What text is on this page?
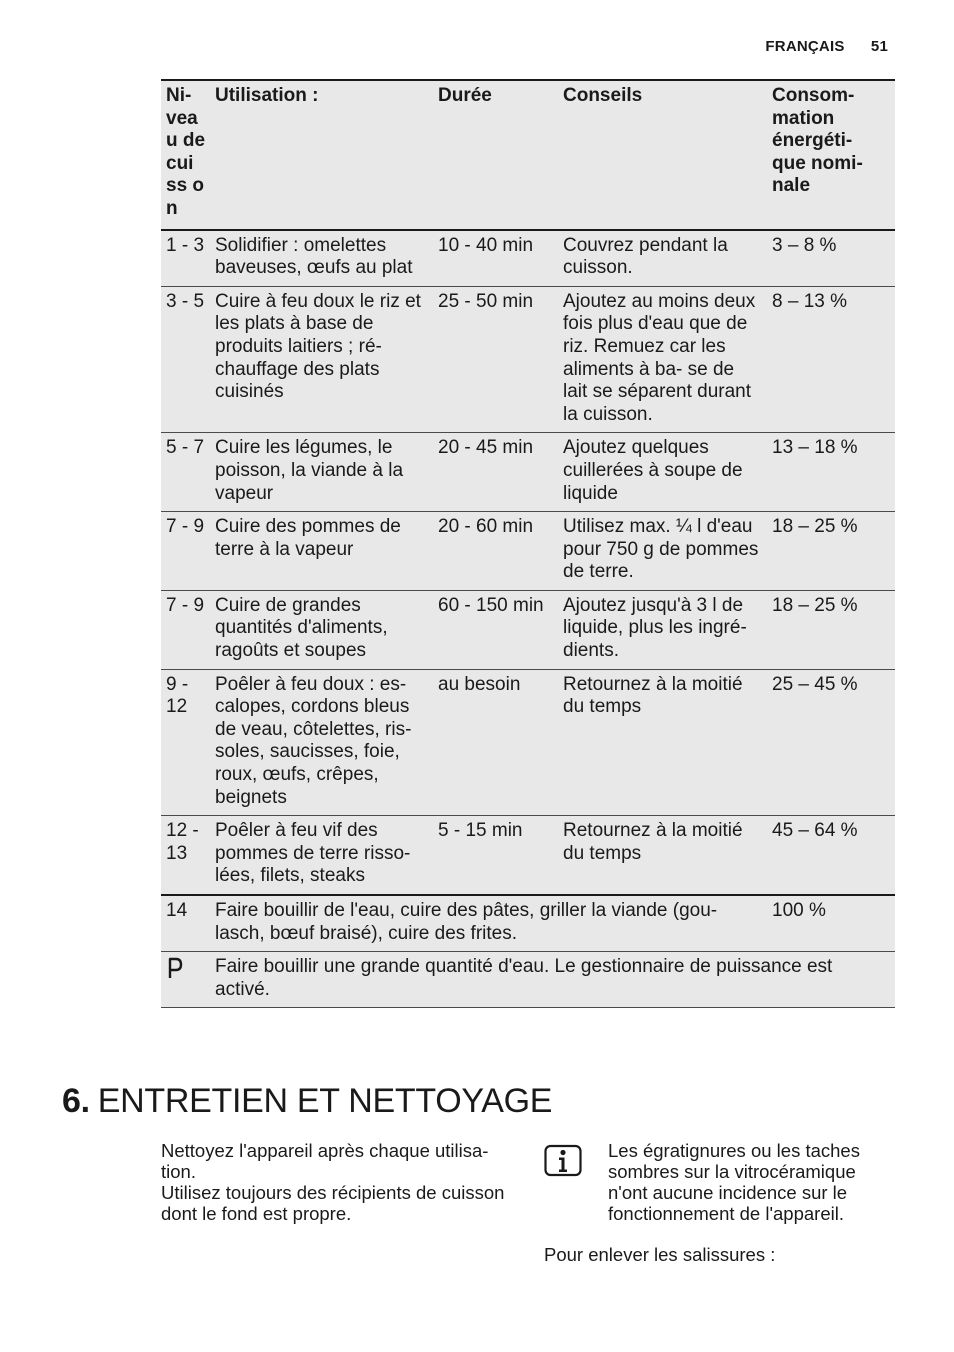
FRANÇAIS 51
Ni- vea u de cui ss on	Utilisation :	Durée	Conseils	Consom- mation énergéti- que nomi- nale
1 - 3	Solidifier : omelettes baveuses, œufs au plat	10 - 40 min	Couvrez pendant la cuisson.	3 – 8 %
3 - 5	Cuire à feu doux le riz et les plats à base de produits laitiers ; ré- chauffage des plats cuisinés	25 - 50 min	Ajoutez au moins deux fois plus d'eau que de riz. Remuez car les aliments à ba- se de lait se séparent durant la cuisson.	8 – 13 %
5 - 7	Cuire les légumes, le poisson, la viande à la vapeur	20 - 45 min	Ajoutez quelques cuillerées à soupe de liquide	13 – 18 %
7 - 9	Cuire des pommes de terre à la vapeur	20 - 60 min	Utilisez max. ¼ l d'eau pour 750 g de pommes de terre.	18 – 25 %
7 - 9	Cuire de grandes quantités d'aliments, ragoûts et soupes	60 - 150 min	Ajoutez jusqu'à 3 l de liquide, plus les ingré- dients.	18 – 25 %
9 - 12	Poêler à feu doux : es- calopes, cordons bleus de veau, côtelettes, ris- soles, saucisses, foie, roux, œufs, crêpes, beignets	au besoin	Retournez à la moitié du temps	25 – 45 %
12 - 13	Poêler à feu vif des pommes de terre risso- lées, filets, steaks	5 - 15 min	Retournez à la moitié du temps	45 – 64 %
14	Faire bouillir de l'eau, cuire des pâtes, griller la viande (gou- lasch, bœuf braisé), cuire des frites.			100 %
	Faire bouillir une grande quantité d'eau. Le gestionnaire de puissance est activé.			
6. ENTRETIEN ET NETTOYAGE

Nettoyez l'appareil après chaque utilisa- tion.

Utilisez toujours des récipients de cuisson dont le fond est propre.

Les égratignures ou les taches sombres sur la vitrocéramique n'ont aucune incidence sur le fonctionnement de l'appareil.
Pour enlever les salissures :
